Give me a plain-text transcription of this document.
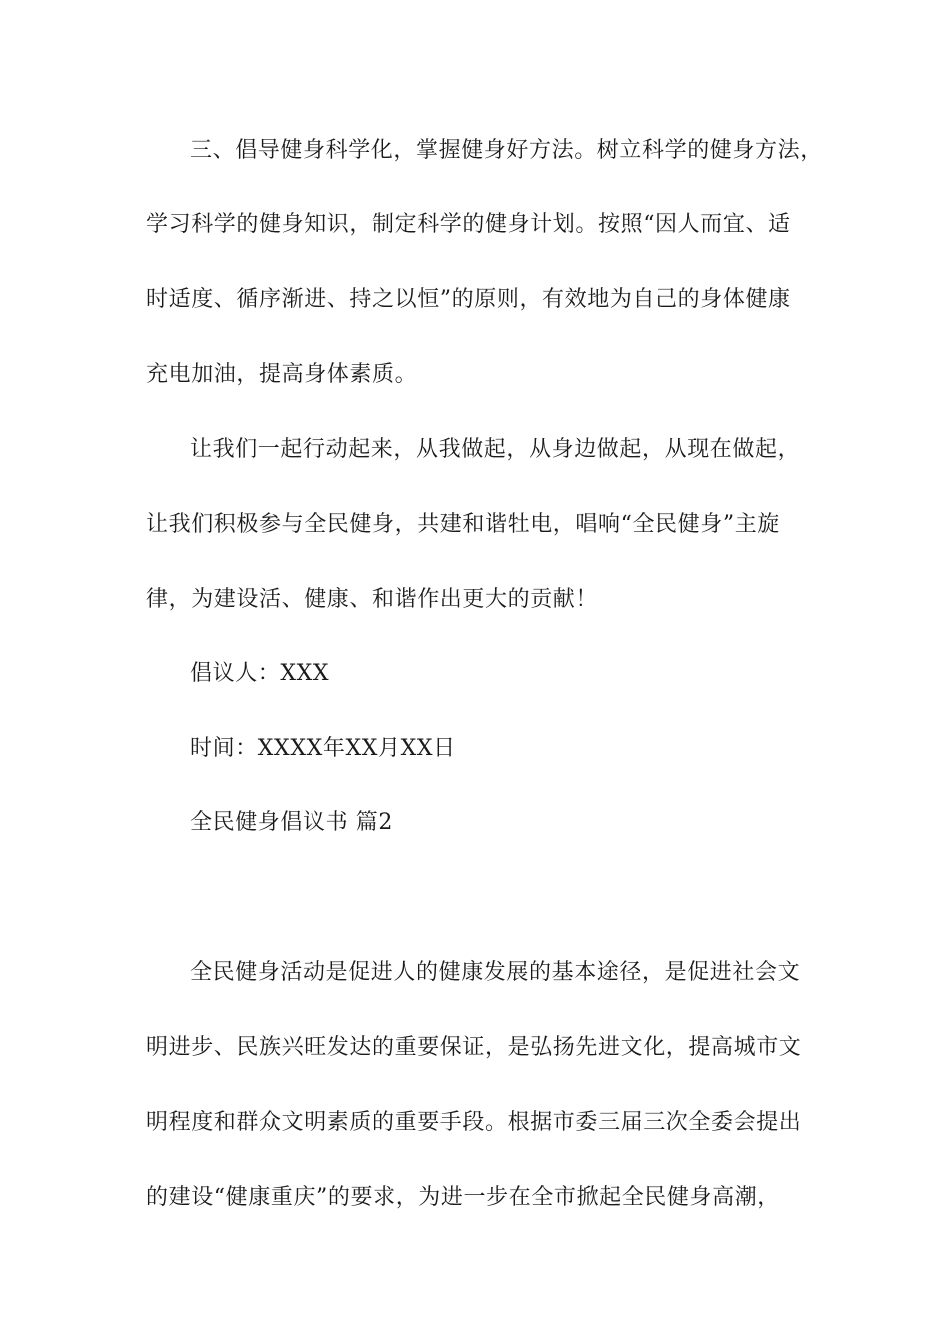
三、倡导健身科学化，掌握健身好方法。树立科学的健身方法，
学习科学的健身知识，制定科学的健身计划。按照“因人而宜、适
时适度、循序渐进、持之以恒”的原则，有效地为自己的身体健康
充电加油，提高身体素质。
让我们一起行动起来，从我做起，从身边做起，从现在做起，
让我们积极参与全民健身，共建和谐牡电，唱响“全民健身”主旋
律，为建设活、健康、和谐作出更大的贡献！
倡议人：XXX
时间：XXXX年XX月XX日
全民健身倡议书 篇2
全民健身活动是促进人的健康发展的基本途径，是促进社会文
明进步、民族兴旺发达的重要保证，是弘扬先进文化，提高城市文
明程度和群众文明素质的重要手段。根据市委三届三次全委会提出
的建设“健康重庆”的要求，为进一步在全市掀起全民健身高潮，
